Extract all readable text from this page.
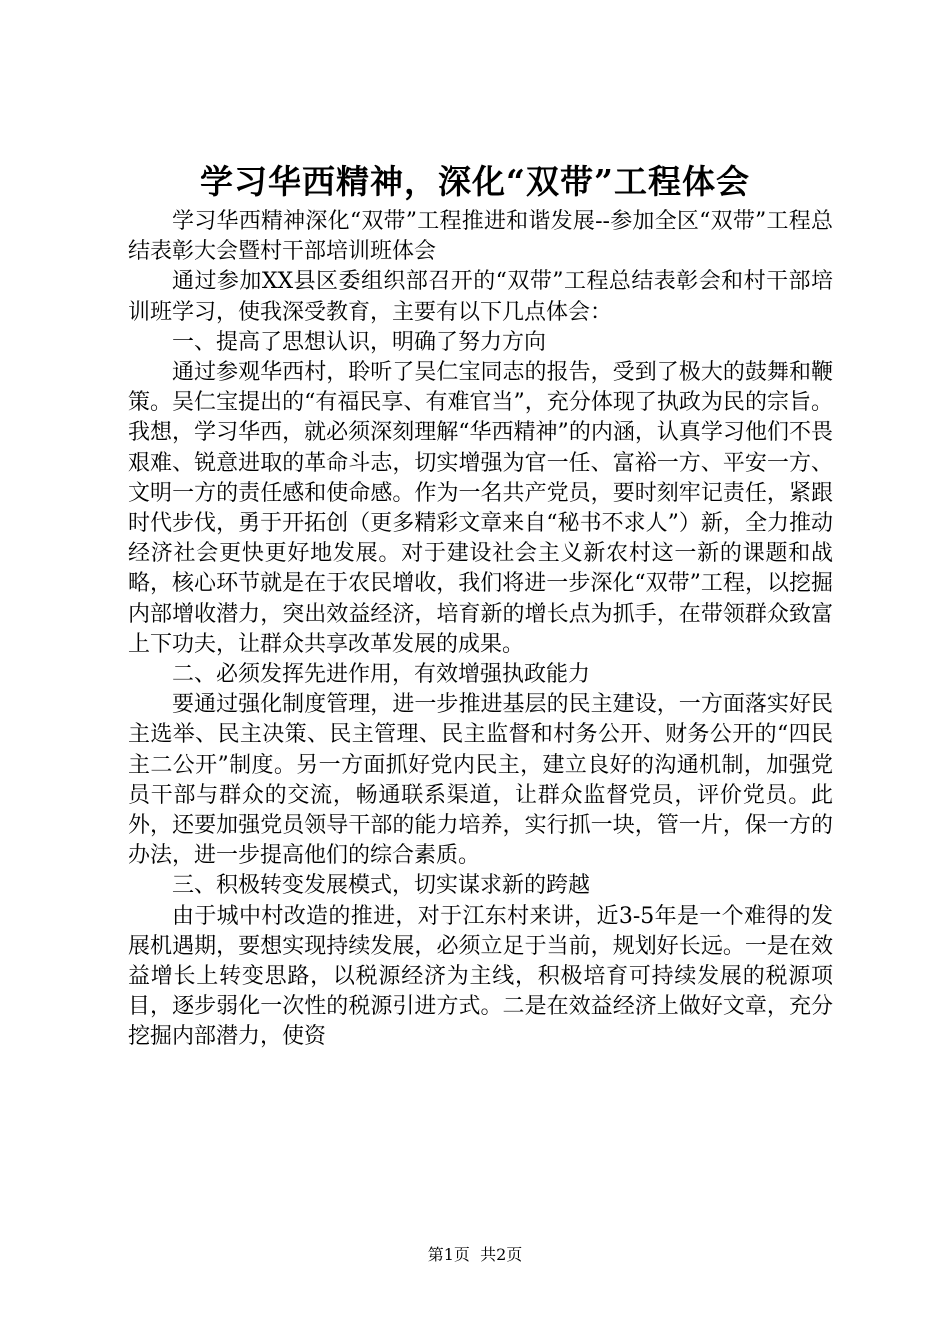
学习华西精神，深化“双带”工程体会

学习华西精神深化“双带”工程推进和谐发展--参加全区“双带”工程总结表彰大会暨村干部培训班体会

通过参加XX县区委组织部召开的“双带”工程总结表彰会和村干部培训班学习，使我深受教育，主要有以下几点体会：

一、提高了思想认识，明确了努力方向

通过参观华西村，聆听了吴仁宝同志的报告，受到了极大的鼓舞和鞭策。吴仁宝提出的“有福民享、有难官当”，充分体现了执政为民的宗旨。我想，学习华西，就必须深刻理解“华西精神”的内涵，认真学习他们不畏艰难、锐意进取的革命斗志，切实增强为官一任、富裕一方、平安一方、文明一方的责任感和使命感。作为一名共产党员，要时刻牢记责任，紧跟时代步伐，勇于开拓创（更多精彩文章来自“秘书不求人”）新，全力推动经济社会更快更好地发展。对于建设社会主义新农村这一新的课题和战略，核心环节就是在于农民增收，我们将进一步深化“双带”工程，以挖掘内部增收潜力，突出效益经济，培育新的增长点为抓手，在带领群众致富上下功夫，让群众共享改革发展的成果。

二、必须发挥先进作用，有效增强执政能力

要通过强化制度管理，进一步推进基层的民主建设，一方面落实好民主选举、民主决策、民主管理、民主监督和村务公开、财务公开的“四民主二公开”制度。另一方面抓好党内民主，建立良好的沟通机制，加强党员干部与群众的交流，畅通联系渠道，让群众监督党员，评价党员。此外，还要加强党员领导干部的能力培养，实行抓一块，管一片，保一方的办法，进一步提高他们的综合素质。

三、积极转变发展模式，切实谋求新的跨越

由于城中村改造的推进，对于江东村来讲，近3-5年是一个难得的发展机遇期，要想实现持续发展，必须立足于当前，规划好长远。一是在效益增长上转变思路，以税源经济为主线，积极培育可持续发展的税源项目，逐步弱化一次性的税源引进方式。二是在效益经济上做好文章，充分挖掘内部潜力，使资

第1页 共2页
